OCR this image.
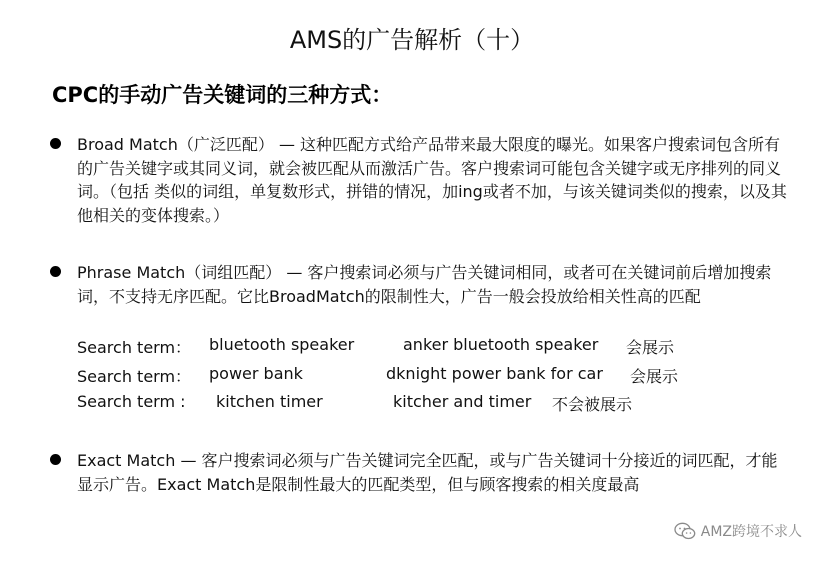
AMS的广告解析（十）
CPC的手动广告关键词的三种方式：
Broad Match（广泛匹配） — 这种匹配方式给产品带来最大限度的曝光。如果客户搜索词包含所有的广告关键字或其同义词，就会被匹配从而激活广告。客户搜索词可能包含关键字或无序排列的同义词。（包括 类似的词组，单复数形式，拼错的情况，加ing或者不加，与该关键词类似的搜索，以及其他相关的变体搜索。）
Phrase Match（词组匹配） — 客户搜索词必须与广告关键词相同，或者可在关键词前后增加搜索词，不支持无序匹配。它比BroadMatch的限制性大，广告一般会投放给相关性高的匹配
Search term： bluetooth speaker	anker bluetooth speaker 会展示
Search term： power bank	dknight power bank for car 会展示
Search term : kitchen timer	kitcher and timer 不会被展示
Exact Match — 客户搜索词必须与广告关键词完全匹配，或与广告关键词十分接近的词匹配，才能显示广告。Exact Match是限制性最大的匹配类型，但与顾客搜索的相关度最高
AMZ跨境不求人
